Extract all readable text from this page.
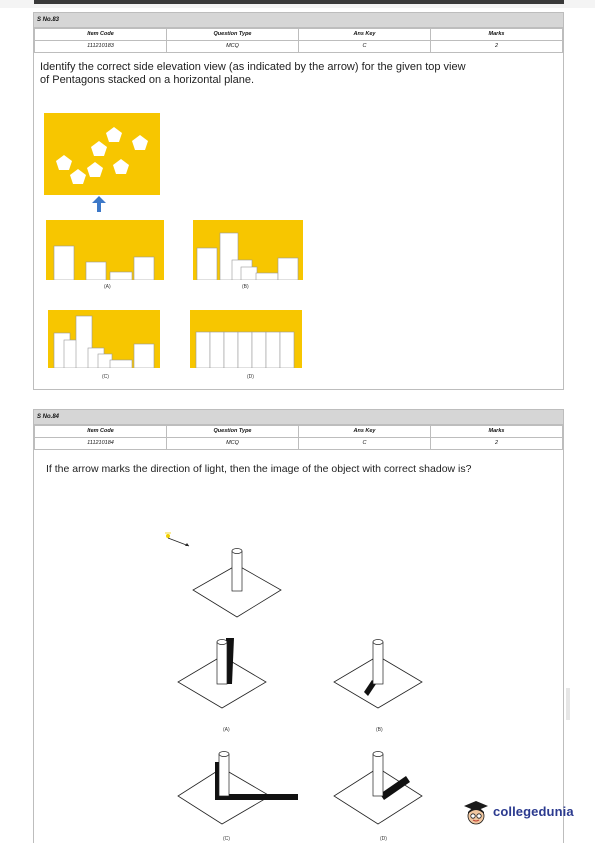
S No.83
Item Code	Question Type	Ans Key	Marks
111210183	MCQ	C	2
Identify the correct side elevation view (as indicated by the arrow) for the given top view of Pentagons stacked on a horizontal plane.
(A)	(B)
(C)	(D)
S No.84
Item Code	Question Type	Ans Key	Marks
111210184	MCQ	C	2
If the arrow marks the direction of light, then the image of the object with correct shadow is?
(A)	(B)
(C)	(D)
collegedunia
